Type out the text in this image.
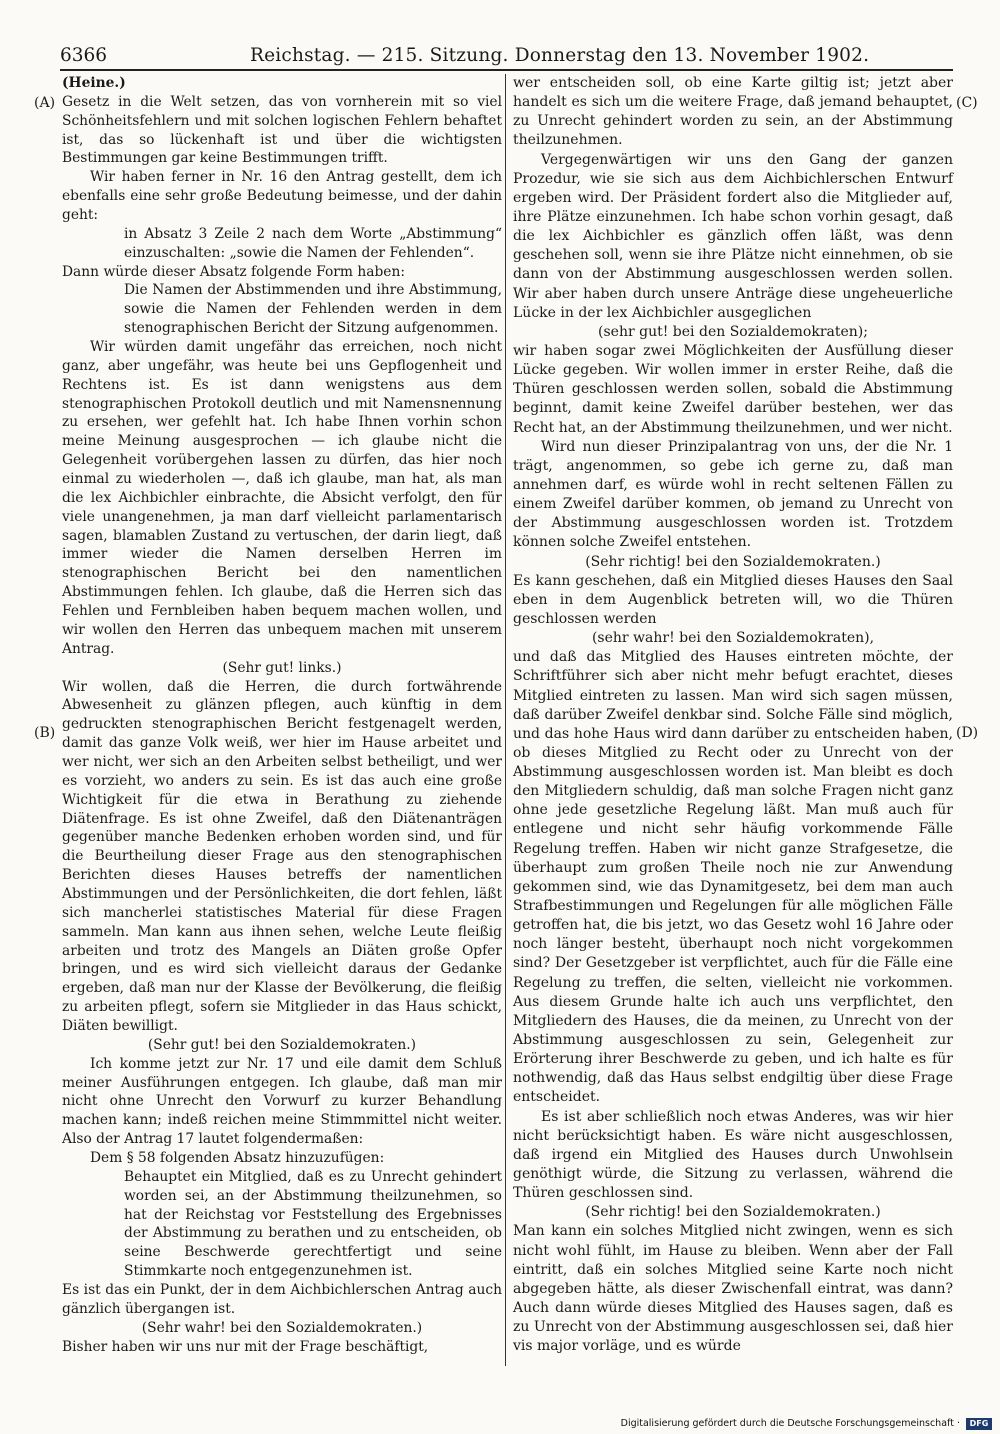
6366	Reichstag. — 215. Sitzung. Donnerstag den 13. November 1902.
(A)
(B)
(C)
(D)

(Heine.)

Gesetz in die Welt setzen, das von vornherein mit so viel Schönheitsfehlern und mit solchen logischen Fehlern behaftet ist, das so lückenhaft ist und über die wichtigsten Bestimmungen gar keine Bestimmungen trifft.

Wir haben ferner in Nr. 16 den Antrag gestellt, dem ich ebenfalls eine sehr große Bedeutung beimesse, und der dahin geht:

in Absatz 3 Zeile 2 nach dem Worte „Abstimmung“ einzuschalten: „sowie die Namen der Fehlenden“.

Dann würde dieser Absatz folgende Form haben:

Die Namen der Abstimmenden und ihre Abstimmung, sowie die Namen der Fehlenden werden in dem stenographischen Bericht der Sitzung aufgenommen.

Wir würden damit ungefähr das erreichen, noch nicht ganz, aber ungefähr, was heute bei uns Gepflogenheit und Rechtens ist. Es ist dann wenigstens aus dem stenographischen Protokoll deutlich und mit Namensnennung zu ersehen, wer gefehlt hat. Ich habe Ihnen vorhin schon meine Meinung ausgesprochen — ich glaube nicht die Gelegenheit vorübergehen lassen zu dürfen, das hier noch einmal zu wiederholen —, daß ich glaube, man hat, als man die lex Aichbichler einbrachte, die Absicht verfolgt, den für viele unangenehmen, ja man darf vielleicht parlamentarisch sagen, blamablen Zustand zu vertuschen, der darin liegt, daß immer wieder die Namen derselben Herren im stenographischen Bericht bei den namentlichen Abstimmungen fehlen. Ich glaube, daß die Herren sich das Fehlen und Fernbleiben haben bequem machen wollen, und wir wollen den Herren das unbequem machen mit unserem Antrag.

(Sehr gut! links.)

Wir wollen, daß die Herren, die durch fortwährende Abwesenheit zu glänzen pflegen, auch künftig in dem gedruckten stenographischen Bericht festgenagelt werden, damit das ganze Volk weiß, wer hier im Hause arbeitet und wer nicht, wer sich an den Arbeiten selbst betheiligt, und wer es vorzieht, wo anders zu sein. Es ist das auch eine große Wichtigkeit für die etwa in Berathung zu ziehende Diätenfrage. Es ist ohne Zweifel, daß den Diätenanträgen gegenüber manche Bedenken erhoben worden sind, und für die Beurtheilung dieser Frage aus den stenographischen Berichten dieses Hauses betreffs der namentlichen Abstimmungen und der Persönlichkeiten, die dort fehlen, läßt sich mancherlei statistisches Material für diese Fragen sammeln. Man kann aus ihnen sehen, welche Leute fleißig arbeiten und trotz des Mangels an Diäten große Opfer bringen, und es wird sich vielleicht daraus der Gedanke ergeben, daß man nur der Klasse der Bevölkerung, die fleißig zu arbeiten pflegt, sofern sie Mitglieder in das Haus schickt, Diäten bewilligt.

(Sehr gut! bei den Sozialdemokraten.)

Ich komme jetzt zur Nr. 17 und eile damit dem Schluß meiner Ausführungen entgegen. Ich glaube, daß man mir nicht ohne Unrecht den Vorwurf zu kurzer Behandlung machen kann; indeß reichen meine Stimmmittel nicht weiter. Also der Antrag 17 lautet folgendermaßen:

Dem § 58 folgenden Absatz hinzuzufügen:

Behauptet ein Mitglied, daß es zu Unrecht gehindert worden sei, an der Abstimmung theilzunehmen, so hat der Reichstag vor Feststellung des Ergebnisses der Abstimmung zu berathen und zu entscheiden, ob seine Beschwerde gerechtfertigt und seine Stimmkarte noch entgegenzunehmen ist.

Es ist das ein Punkt, der in dem Aichbichlerschen Antrag auch gänzlich übergangen ist.

(Sehr wahr! bei den Sozialdemokraten.)

Bisher haben wir uns nur mit der Frage beschäftigt,

wer entscheiden soll, ob eine Karte giltig ist; jetzt aber handelt es sich um die weitere Frage, daß jemand behauptet, zu Unrecht gehindert worden zu sein, an der Abstimmung theilzunehmen.

Vergegenwärtigen wir uns den Gang der ganzen Prozedur, wie sie sich aus dem Aichbichlerschen Entwurf ergeben wird. Der Präsident fordert also die Mitglieder auf, ihre Plätze einzunehmen. Ich habe schon vorhin gesagt, daß die lex Aichbichler es gänzlich offen läßt, was denn geschehen soll, wenn sie ihre Plätze nicht einnehmen, ob sie dann von der Abstimmung ausgeschlossen werden sollen. Wir aber haben durch unsere Anträge diese ungeheuerliche Lücke in der lex Aichbichler ausgeglichen

(sehr gut! bei den Sozialdemokraten);

wir haben sogar zwei Möglichkeiten der Ausfüllung dieser Lücke gegeben. Wir wollen immer in erster Reihe, daß die Thüren geschlossen werden sollen, sobald die Abstimmung beginnt, damit keine Zweifel darüber bestehen, wer das Recht hat, an der Abstimmung theilzunehmen, und wer nicht.

Wird nun dieser Prinzipalantrag von uns, der die Nr. 1 trägt, angenommen, so gebe ich gerne zu, daß man annehmen darf, es würde wohl in recht seltenen Fällen zu einem Zweifel darüber kommen, ob jemand zu Unrecht von der Abstimmung ausgeschlossen worden ist. Trotzdem können solche Zweifel entstehen.

(Sehr richtig! bei den Sozialdemokraten.)

Es kann geschehen, daß ein Mitglied dieses Hauses den Saal eben in dem Augenblick betreten will, wo die Thüren geschlossen werden

(sehr wahr! bei den Sozialdemokraten),

und daß das Mitglied des Hauses eintreten möchte, der Schriftführer sich aber nicht mehr befugt erachtet, dieses Mitglied eintreten zu lassen. Man wird sich sagen müssen, daß darüber Zweifel denkbar sind. Solche Fälle sind möglich, und das hohe Haus wird dann darüber zu entscheiden haben, ob dieses Mitglied zu Recht oder zu Unrecht von der Abstimmung ausgeschlossen worden ist. Man bleibt es doch den Mitgliedern schuldig, daß man solche Fragen nicht ganz ohne jede gesetzliche Regelung läßt. Man muß auch für entlegene und nicht sehr häufig vorkommende Fälle Regelung treffen. Haben wir nicht ganze Strafgesetze, die überhaupt zum großen Theile noch nie zur Anwendung gekommen sind, wie das Dynamitgesetz, bei dem man auch Strafbestimmungen und Regelungen für alle möglichen Fälle getroffen hat, die bis jetzt, wo das Gesetz wohl 16 Jahre oder noch länger besteht, überhaupt noch nicht vorgekommen sind? Der Gesetzgeber ist verpflichtet, auch für die Fälle eine Regelung zu treffen, die selten, vielleicht nie vorkommen. Aus diesem Grunde halte ich auch uns verpflichtet, den Mitgliedern des Hauses, die da meinen, zu Unrecht von der Abstimmung ausgeschlossen zu sein, Gelegenheit zur Erörterung ihrer Beschwerde zu geben, und ich halte es für nothwendig, daß das Haus selbst endgiltig über diese Frage entscheidet.

Es ist aber schließlich noch etwas Anderes, was wir hier nicht berücksichtigt haben. Es wäre nicht ausgeschlossen, daß irgend ein Mitglied des Hauses durch Unwohlsein genöthigt würde, die Sitzung zu verlassen, während die Thüren geschlossen sind.

(Sehr richtig! bei den Sozialdemokraten.)

Man kann ein solches Mitglied nicht zwingen, wenn es sich nicht wohl fühlt, im Hause zu bleiben. Wenn aber der Fall eintritt, daß ein solches Mitglied seine Karte noch nicht abgegeben hätte, als dieser Zwischenfall eintrat, was dann? Auch dann würde dieses Mitglied des Hauses sagen, daß es zu Unrecht von der Abstimmung ausgeschlossen sei, daß hier vis major vorläge, und es würde

Digitalisierung gefördert durch die Deutsche Forschungsgemeinschaft · DFG
